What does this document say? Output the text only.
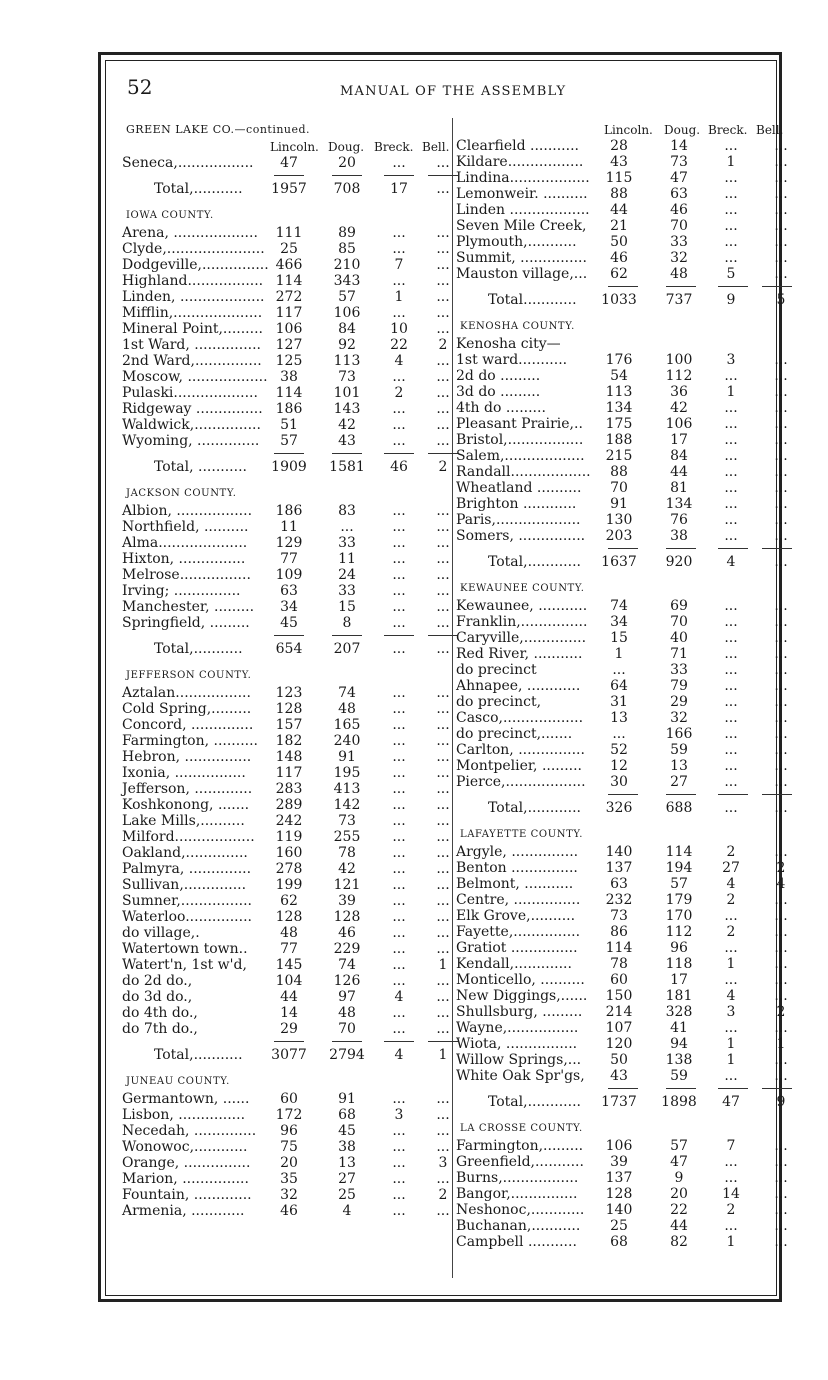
52	MANUAL OF THE ASSEMBLY
GREEN LAKE CO.—continued.
Lincoln. Doug. Breck. Bell.
Seneca,.................	47	20	...	...
Total,........... 1957	708	17	...
IOWA COUNTY.
Arena, ...................	111	89	...	...
Clyde,......................	25	85	...	...
Dodgeville,............... 466	210	7	...
Highland................. 114	343	...	...
Linden, ................... 272	57	1	...
Mifflin,.................... 117	106	...	...
Mineral Point,......... 106	84	10	...
1st Ward, ...............	127	92	22	2
2nd Ward,............... 125	113	4	...
Moscow, .................. 38	73	...	...
Pulaski...................	114	101	2	...
Ridgeway ............... 186	143	...	...
Waldwick,...............	51	42	...	...
Wyoming, ..............	57	43	...	...
Total, ........... 1909 1581	46	2
JACKSON COUNTY.
Albion, .................	186	83	...	...
Northfield, ..........	11	...	...	...
Alma....................	129	33	...	...
Hixton, ...............	77	11	...	...
Melrose................	109	24	...	...
Irving; ...............	63	33	...	...
Manchester, .........	34	15	...	...
Springfield, .........	45	8	...	...
Total,...........	654	207	...	...
JEFFERSON COUNTY.
Aztalan.................	123	74	...	...
Cold Spring,.........	128	48	...	...
Concord, ..............	157	165	...	...
Farmington, ..........	182	240	...	...
Hebron, ...............	148	91	...	...
Ixonia, ................	117	195	...	...
Jefferson, .............	283	413	...	...
Koshkonong, .......	289	142	...	...
Lake Mills,..........	242	73	...	...
Milford..................	119	255	...	...
Oakland,..............	160	78	...	...
Palmyra, ..............	278	42	...	...
Sullivan,..............	199	121	...	...
Sumner,................	62	39	...	...
Waterloo...............	128	128	...	...
do village,.	48	46	...	...
Watertown town..	77	229	...	...
Watert'n, 1st w'd,	145	74	...	1
do 2d do.,	104	126	...	...
do 3d do.,	44	97	4	...
do 4th do.,	14	48	...	...
do 7th do.,	29	70	...	...
Total,........... 3077 2794	4	1
JUNEAU COUNTY.
Germantown, ......	60	91	...	...
Lisbon, ...............	172	68	3	...
Necedah, ..............	96	45	...	...
Wonowoc,............	75	38	...	...
Orange, ...............	20	13	...	3
Marion, ...............	35	27	...	...
Fountain, .............	32	25	...	2
Armenia, ............	46	4	...	...
Lincoln. Doug. Breck. Bell.
Clearfield ...........	28	14	...	...
Kildare.................	43	73	1	...
Lindina..................	115	47	...	...
Lemonweir. ..........	88	63	...	...
Linden ..................	44	46	...	...
Seven Mile Creek,	21	70	...	...
Plymouth,...........	50	33	...	...
Summit, ...............	46	32	...	...
Mauston village,...	62	48	5	...
Total............ 1033	737	9	5
KENOSHA COUNTY.
Kenosha city—
1st ward...........	176	100	3	...
2d do .........	54	112	...	...
3d do .........	113	36	1	...
4th do .........	134	42	...	...
Pleasant Prairie,..	175	106	...	...
Bristol,.................	188	17	...	...
Salem,..................	215	84	...	...
Randall..................	88	44	...	...
Wheatland ..........	70	81	...	...
Brighton ............	91	134	...	...
Paris,...................	130	76	...	...
Somers, ...............	203	38	...	...
Total,............ 1637	920	4	...
KEWAUNEE COUNTY.
Kewaunee, ...........	74	69	...	...
Franklin,...............	34	70	...	...
Caryville,..............	15	40	...	...
Red River, ...........	1	71	...	...
do precinct	...	33	...	...
Ahnapee, ............	64	79	...	...
do precinct,	31	29	...	...
Casco,..................	13	32	...	...
do precinct,.......	...	166	...	...
Carlton, ...............	52	59	...	...
Montpelier, .........	12	13	...	...
Pierce,..................	30	27	...	...
Total,............	326	688	...	...
LAFAYETTE COUNTY.
Argyle, ...............	140	114	2	...
Benton ...............	137	194	27	2
Belmont, ...........	63	57	4	4
Centre, ...............	232	179	2	...
Elk Grove,..........	73	170	...	...
Fayette,...............	86	112	2	...
Gratiot ...............	114	96	...	...
Kendall,.............	78	118	1	...
Monticello, ..........	60	17	...	...
New Diggings,......	150	181	4	...
Shullsburg, .........	214	328	3	2
Wayne,................	107	41	...	...
Wiota, ................	120	94	1	1
Willow Springs,...	50	138	1	...
White Oak Spr'gs,	43	59	...	...
Total,............ 1737 1898	47	9
LA CROSSE COUNTY.
Farmington,.........	106	57	7	...
Greenfield,...........	39	47	...	...
Burns,.................	137	9	...	...
Bangor,...............	128	20	14	...
Neshonoc,............	140	22	2	...
Buchanan,...........	25	44	...	...
Campbell ...........	68	82	1	...
